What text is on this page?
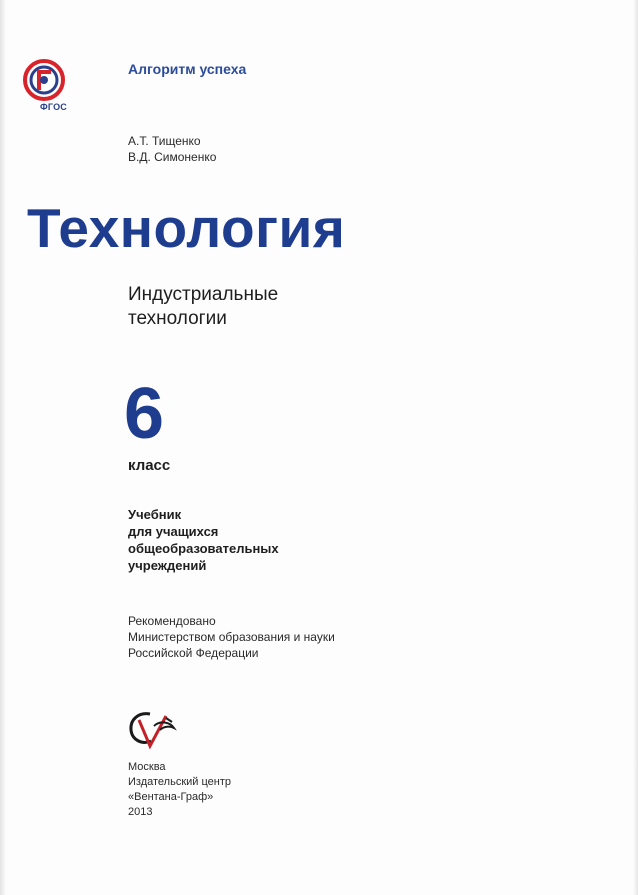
ФГОС
Алгоритм успеха
А.Т. Тищенко
В.Д. Симоненко
Технология
Индустриальные
технологии
6
класс
Учебник
для учащихся
общеобразовательных
учреждений
Рекомендовано
Министерством образования и науки
Российской Федерации
Москва
Издательский центр
«Вентана-Граф»
2013
